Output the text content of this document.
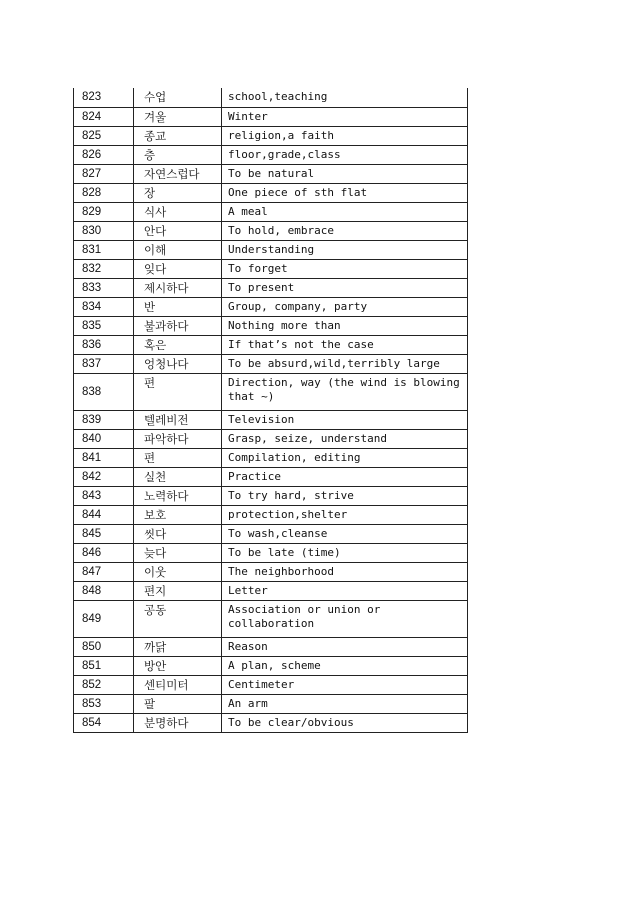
823	수업	school,teaching
824	겨울	Winter
825	종교	religion,a faith
826	층	floor,grade,class
827	자연스럽다	To be natural
828	장	One piece of sth flat
829	식사	A meal
830	안다	To hold, embrace
831	이해	Understanding
832	잊다	To forget
833	제시하다	To present
834	반	Group, company, party
835	불과하다	Nothing more than
836	혹은	If that’s not the case
837	엉청나다	To be absurd,wild,terribly large
838	편	Direction, way (the wind is blowing that ~)
839	텔레비전	Television
840	파악하다	Grasp, seize, understand
841	편	Compilation, editing
842	실천	Practice
843	노력하다	To try hard, strive
844	보호	protection,shelter
845	씻다	To wash,cleanse
846	늦다	To be late (time)
847	이웃	The neighborhood
848	편지	Letter
849	공동	Association or union or collaboration
850	까닭	Reason
851	방안	A plan, scheme
852	센티미터	Centimeter
853	팔	An arm
854	분명하다	To be clear/obvious
